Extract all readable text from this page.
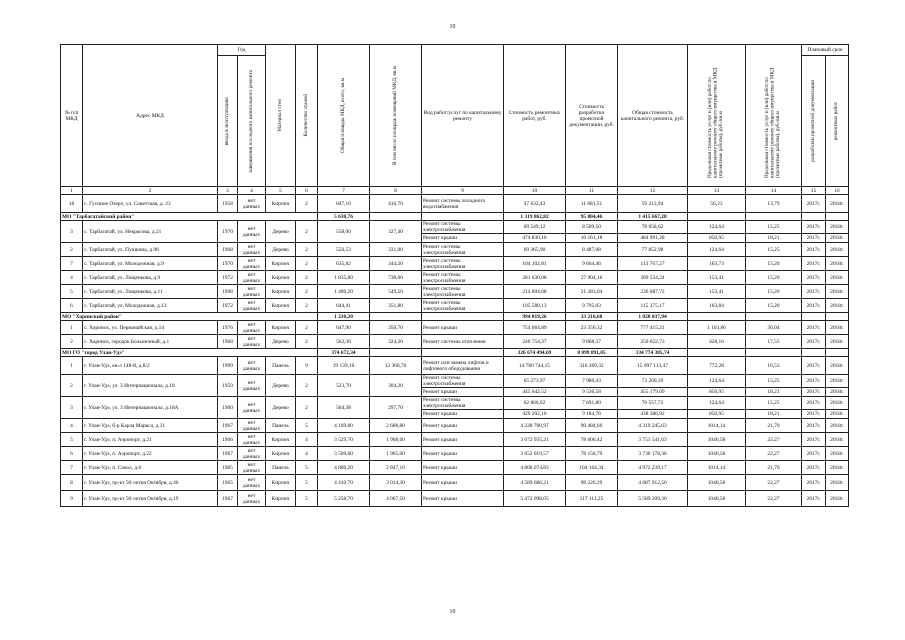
10
№ п/п МКД	Адрес МКД	Год		Материал стен	Количество этажей	Общая площадь МКД, всего, кв.м	В том числе площадь помещений МКД, кв.м	Вид работ/услуг по капитальному ремонту	Стоимость ремонтных работ, руб.	Стоимость разработки проектной документации, руб.	Общая стоимость капитального ремонта, руб.	Предельная стоимость услуг и (или) работ по капитальному ремонту общего имущества в МКД (проектные работы), руб./кв.м	Предельная стоимость услуг и (или) работ по капитальному ремонту общего имущества в МКД (проектные работы), руб./кв.м	Плановый срок	

		ввода в эксплуатацию	завершения последнего капитального ремонта											разработки проектной документации	ремонтных работ

1	2	3	4	5	6	7	8	9	10	11	12	13	14	15	16
18	с. Гусиное Озеро, ул. Советская, д. 23	1958	нет данных	Кирпич	2	847,10	416,70	Ремонт системы холодного водоснабжения	47 632,43	11 681,51	59 313,94	56,23	13,79	2017г.	2018г.
МО "Тарбагатайский район"						5 630,76			1 319 862,82	95 804,46	1 415 667,28				
3	с. Тарбагатай, ул. Некрасова, д.21	1970	нет данных	Дерево	2	558,00	327,40	Ремонт системы электроснабжения	69 549,12	8 509,50	78 058,62	124,64	15,25	2017г.	2018г.
								Ремонт крыши	474 830,10	10 161,18	484 991,28	850,95	18,21	2017г.	2018г.
2	с. Тарбагатай, ул. Пушкина, д.96	1968	нет данных	Дерево	2	556,53	331,00	Ремонт системы электроснабжения	69 365,90	8 487,08	77 852,98	124,64	15,25	2017г.	2018г.
7	с. Тарбагатай, ул. Молодежная, д.9	1970	нет данных	Кирпич	2	635,82	344,20	Ремонт системы электроснабжения	104 102,81	9 664,46	113 767,27	163,73	15,20	2017г.	2018г.
4	с. Тарбагатай, ул. Лощенкова, д.9	1972	нет данных	Кирпич	2	1 835,80	738,00	Ремонт системы электроснабжения	281 630,08	27 904,16	309 534,24	153,41	15,20	2017г.	2018г.
5	с. Тарбагатай, ул. Лощенкова, д.11	1998	нет данных	Кирпич	2	1 400,20	549,50	Ремонт системы электроснабжения	214 804,68	21 283,04	236 087,72	153,41	15,20	2017г.	2018г.
6	с. Тарбагатай, ул. Молодежная, д.13	1972	нет данных	Кирпич	2	644,41	351,80	Ремонт системы электроснабжения	105 580,13	9 795,03	115 375,17	163,84	15,20	2017г.	2018г.
МО "Хоринский район"						1 210,20			994 819,26	33 218,68	1 028 037,94				
1	с. Хоринск, ул. Первомайская, д.14	1976	нет данных	Кирпич	2	647,90	350,70	Ремонт крыши	754 064,89	23 350,32	777 415,21	1 163,86	36,04	2017г.	2018г.
2	с. Хоринск, городок Больничный, д.1	1968	нет данных	Дерево	2	562,30	324,20	Ремонт системы отопления	240 754,37	9 868,37	250 622,73	428,16	17,55	2017г.	2018г.
МО ГО "город Улан-Удэ"						374 672,34			326 674 494,69	8 099 891,05	334 774 385,74				
1	г. Улан-Удэ, кв-л 148-й, д.8/2	1999	нет данных	Панель	9	19 139,10	12 360,70	Ремонт или замена лифтов и лифтового оборудования	14 780 744,15	316 369,32	15 097 113,47	772,28	16,53	2017г.	2018г.
2	г. Улан-Удэ, ул. 3 Интернационала, д.18	1959	нет данных	Дерево	2	523,70	304,20	Ремонт системы электроснабжения	65 273,97	7 986,43	73 260,39	124,64	15,25	2017г.	2018г.
								Ремонт крыши	445 642,52	9 536,58	455 179,09	850,95	18,21	2017г.	2018г.
3	г. Улан-Удэ, ул. 3 Интернационала, д.18А	1960	нет данных	Дерево	2	504,38	297,70	Ремонт системы электроснабжения	62 866,92	7 691,80	70 557,72	124,64	15,25	2017г.	2018г.
								Ремонт крыши	429 202,16	9 184,76	438 386,92	850,95	18,21	2017г.	2018г.
4	г. Улан-Удэ, б-р Карла Маркса, д.31	1967	нет данных	Панель	5	4 169,80	2 608,80	Ремонт крыши	4 228 760,97	90 484,66	4 319 245,63	1014,14	21,70	2017г.	2018г.
5	г. Улан-Удэ, п. Аэропорт, д.21	1966	нет данных	Кирпич	4	3 529,70	1 968,60	Ремонт крыши	3 672 935,21	78 606,42	3 751 541,63	1040,58	22,27	2017г.	2018г.
6	г. Улан-Удэ, п. Аэропорт, д.22	1967	нет данных	Кирпич	4	3 509,60	1 965,00	Ремонт крыши	3 652 019,57	78 158,79	3 730 178,36	1040,58	22,27	2017г.	2018г.
7	г. Улан-Удэ, п. Сокол, д.6	1985	нет данных	Панель	5	4 800,20	2 847,10	Ремонт крыши	4 868 074,83	104 164,34	4 972 239,17	1014,14	21,70	2017г.	2018г.
8	г. Улан-Удэ, пр-кт 50-летия Октября, д.46	1965	нет данных	Кирпич	5	4 410,70	3 014,30	Ремонт крыши	4 589 686,21	98 226,29	4 687 912,50	1040,58	22,27	2017г.	2018г.
9	г. Улан-Удэ, пр-кт 50-летия Октября, д.19	1967	нет данных	Кирпич	5	5 258,70	4 067,50	Ремонт крыши	5 472 098,05	117 111,25	5 589 209,30	1040,58	22,27	2017г.	2018г.
10
